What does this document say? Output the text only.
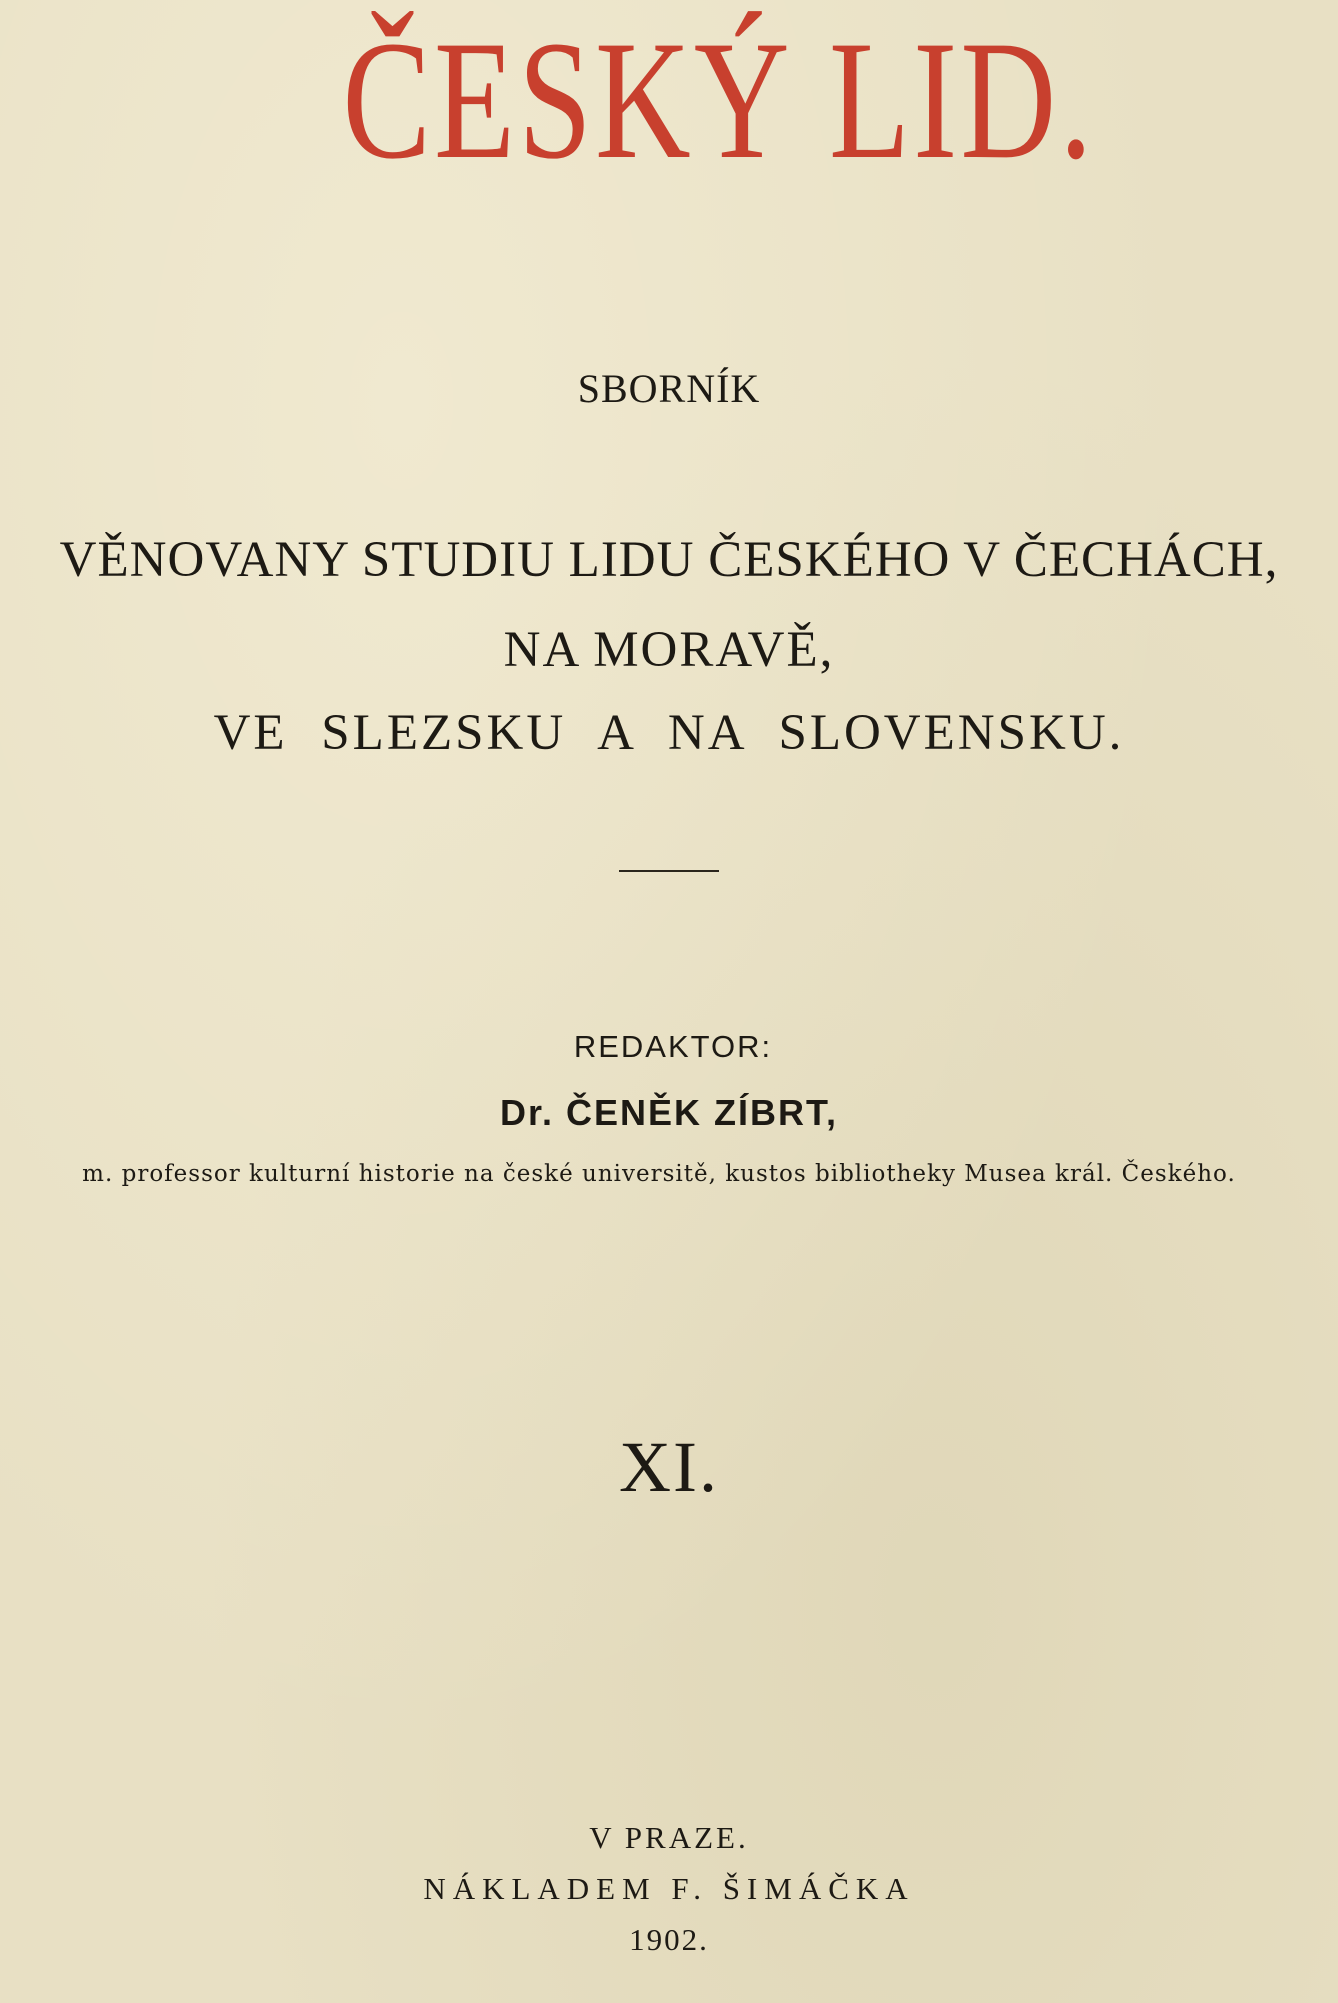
ČESKÝ LID.
SBORNÍK
VĚNOVANY STUDIU LIDU ČESKÉHO V ČECHÁCH,
NA MORAVĚ,
VE SLEZSKU A NA SLOVENSKU.
REDAKTOR:
Dr. ČENĚK ZÍBRT,
m. professor kulturní historie na české universitě, kustos bibliotheky Musea král. Českého.
XI.
V PRAZE.
NÁKLADEM F. ŠIMÁČKA
1902.
